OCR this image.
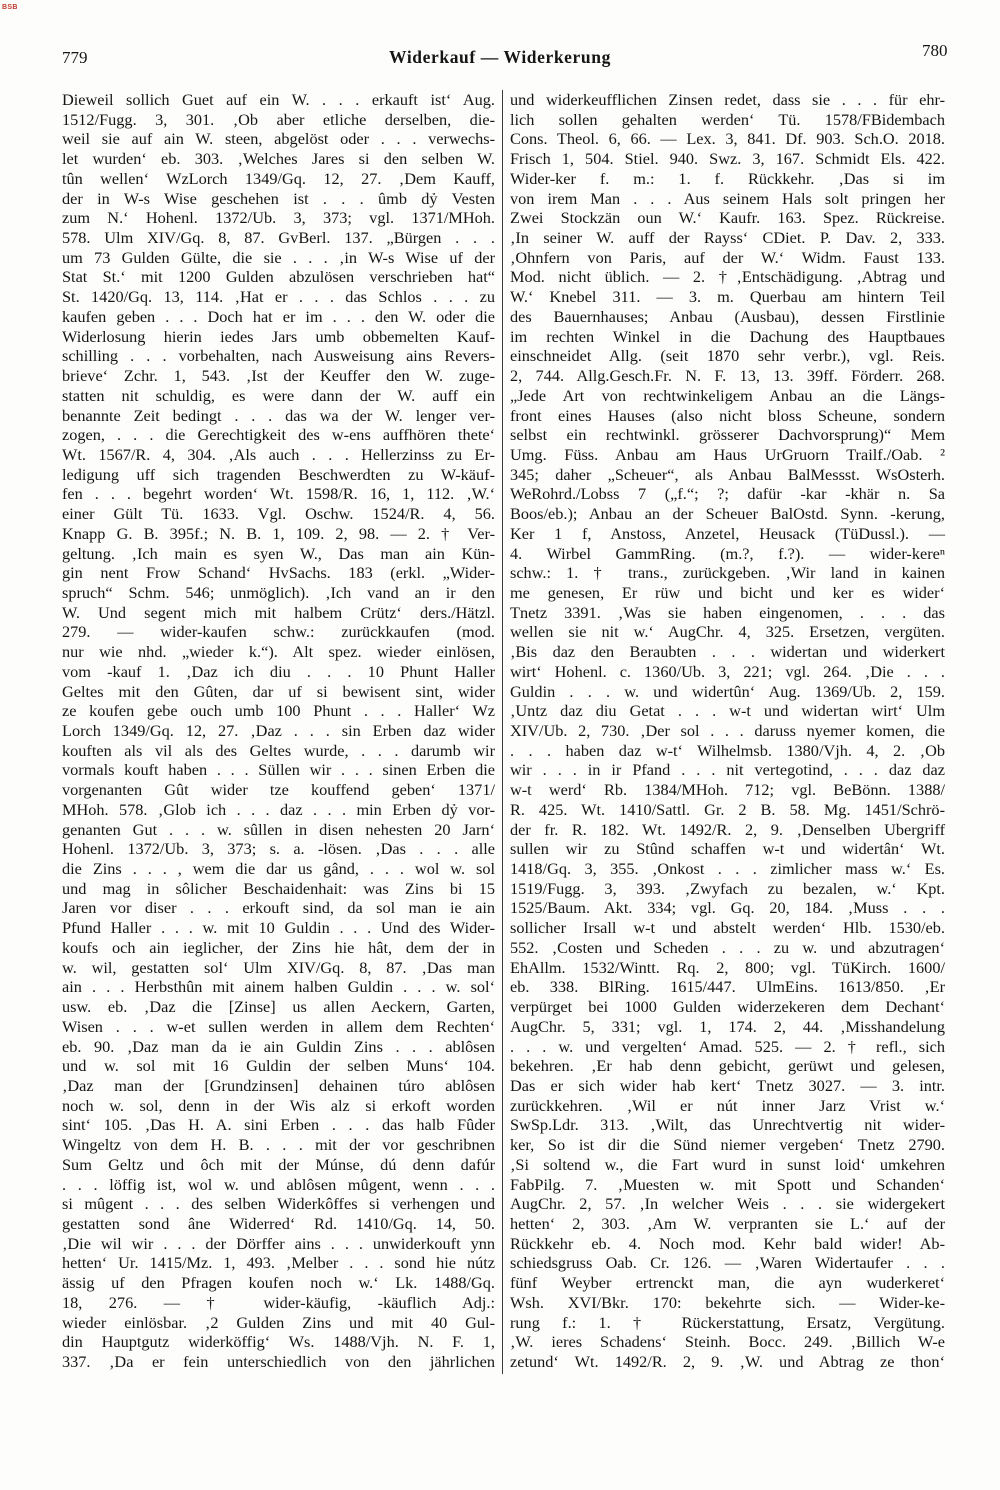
BSB
779	Widerkauf — Widerkerung	780
Dieweil sollich Guet auf ein W. . . . erkauft ist‘ Aug.
1512/Fugg. 3, 301. ‚Ob aber etliche derselben, die-
weil sie auf ain W. steen, abgelöst oder . . . verwechs-
let wurden‘ eb. 303. ‚Welches Jares si den selben W.
tûn wellen‘ WzLorch 1349/Gq. 12, 27. ‚Dem Kauff,
der in W-s Wise geschehen ist . . . ûmb dỷ Vesten
zum N.‘ Hohenl. 1372/Ub. 3, 373; vgl. 1371/MHoh.
578. Ulm XIV/Gq. 8, 87. GvBerl. 137. „Bürgen . . .
um 73 Gulden Gülte, die sie . . . ‚in W-s Wise uf der
Stat St.‘ mit 1200 Gulden abzulösen verschrieben hat“
St. 1420/Gq. 13, 114. ‚Hat er . . . das Schlos . . . zu
kaufen geben . . . Doch hat er im . . . den W. oder die
Widerlosung hierin iedes Jars umb obbemelten Kauf-
schilling . . . vorbehalten, nach Ausweisung ains Revers-
brieve‘ Zchr. 1, 543. ‚Ist der Keuffer den W. zuge-
statten nit schuldig, es were dann der W. auff ein
benannte Zeit bedingt . . . das wa der W. lenger ver-
zogen, . . . die Gerechtigkeit des w-ens auffhören thete‘
Wt. 1567/R. 4, 304. ‚Als auch . . . Hellerzinss zu Er-
ledigung uff sich tragenden Beschwerdten zu W-käuf-
fen . . . begehrt worden‘ Wt. 1598/R. 16, 1, 112. ‚W.‘
einer Gült Tü. 1633. Vgl. Oschw. 1524/R. 4, 56.
Knapp G. B. 395f.; N. B. 1, 109. 2, 98. — 2. † Ver-
geltung. ‚Ich main es syen W., Das man ain Kün-
gin nent Frow Schand‘ HvSachs. 183 (erkl. „Wider-
spruch“ Schm. 546; unmöglich). ‚Ich vand an ir den
W. Und segent mich mit halbem Crütz‘ ders./Hätzl.
279. — wider-kaufen schw.: zurückkaufen (mod.
nur wie nhd. „wieder k.“). Alt spez. wieder einlösen,
vom -kauf 1. ‚Daz ich diu . . . 10 Phunt Haller
Geltes mit den Gûten, dar uf si bewisent sint, wider
ze koufen gebe ouch umb 100 Phunt . . . Haller‘ Wz
Lorch 1349/Gq. 12, 27. ‚Daz . . . sin Erben daz wider
kouften als vil als des Geltes wurde, . . . darumb wir
vormals kouft haben . . . Süllen wir . . . sinen Erben die
vorgenanten Gût wider tze kouffend geben‘ 1371/
MHoh. 578. ‚Glob ich . . . daz . . . min Erben dỷ vor-
genanten Gut . . . w. sûllen in disen nehesten 20 Jarn‘
Hohenl. 1372/Ub. 3, 373; s. a. -lösen. ‚Das . . . alle
die Zins . . . , wem die dar us gând, . . . wol w. sol
und mag in sôlicher Beschaidenhait: was Zins bi 15
Jaren vor diser . . . erkouft sind, da sol man ie ain
Pfund Haller . . . w. mit 10 Guldin . . . Und des Wider-
koufs och ain ieglicher, der Zins hie hât, dem der in
w. wil, gestatten sol‘ Ulm XIV/Gq. 8, 87. ‚Das man
ain . . . Herbsthûn mit ainem halben Guldin . . . w. sol‘
usw. eb. ‚Daz die [Zinse] us allen Aeckern, Garten,
Wisen . . . w-et sullen werden in allem dem Rechten‘
eb. 90. ‚Daz man da ie ain Guldin Zins . . . ablôsen
und w. sol mit 16 Guldin der selben Muns‘ 104.
‚Daz man der [Grundzinsen] dehainen túro ablôsen
noch w. sol, denn in der Wis alz si erkoft worden
sint‘ 105. ‚Das H. A. sini Erben . . . das halb Fûder
Wingeltz von dem H. B. . . . mit der vor geschribnen
Sum Geltz und ôch mit der Múnse, dú denn dafúr
. . . löffig ist, wol w. und ablôsen mûgent, wenn . . .
si mûgent . . . des selben Widerkôffes si verhengen und
gestatten sond âne Widerred‘ Rd. 1410/Gq. 14, 50.
‚Die wil wir . . . der Dörffer ains . . . unwiderkouft ynn
hetten‘ Ur. 1415/Mz. 1, 493. ‚Melber . . . sond hie nútz
ässig uf den Pfragen koufen noch w.‘ Lk. 1488/Gq.
18, 276. — † wider-käufig, -käuflich Adj.:
wieder einlösbar. ‚2 Gulden Zins und mit 40 Gul-
din Hauptgutz widerköffig‘ Ws. 1488/Vjh. N. F. 1,
337. ‚Da er fein unterschiedlich von den jährlichen
und widerkeufflichen Zinsen redet, dass sie . . . für ehr-
lich sollen gehalten werden‘ Tü. 1578/FBidembach
Cons. Theol. 6, 66. — Lex. 3, 841. Df. 903. Sch.O. 2018.
Frisch 1, 504. Stiel. 940. Swz. 3, 167. Schmidt Els. 422.
Wider-ker f. m.: 1. f. Rückkehr. ‚Das si im
von irem Man . . . Aus seinem Hals solt pringen her
Zwei Stockzän oun W.‘ Kaufr. 163. Spez. Rückreise.
‚In seiner W. auff der Rayss‘ CDiet. P. Dav. 2, 333.
‚Ohnfern von Paris, auf der W.‘ Widm. Faust 133.
Mod. nicht üblich. — 2. †‚Entschädigung. ‚Abtrag und
W.‘ Knebel 311. — 3. m. Querbau am hintern Teil
des Bauernhauses; Anbau (Ausbau), dessen Firstlinie
im rechten Winkel in die Dachung des Hauptbaues
einschneidet Allg. (seit 1870 sehr verbr.), vgl. Reis.
2, 744. Allg.Gesch.Fr. N. F. 13, 13. 39ff. Förderr. 268.
„Jede Art von rechtwinkeligem Anbau an die Längs-
front eines Hauses (also nicht bloss Scheune, sondern
selbst ein rechtwinkl. grösserer Dachvorsprung)“ Mem
Umg. Füss. Anbau am Haus UrGruorn Trailf./Oab. ²
345; daher „Scheuer“, als Anbau BalMessst. WsOsterh.
WeRohrd./Lobss 7 („f.“; ?; dafür -kar -khär n. Sa
Boos/eb.); Anbau an der Scheuer BalOstd. Synn. -kerung,
Ker 1 f, Anstoss, Anzetel, Heusack (TüDussl.). —
4. Wirbel GammRing. (m.?, f.?). — wider-kereⁿ
schw.: 1. † trans., zurückgeben. ‚Wir land in kainen
me genesen, Er rüw und bicht und ker es wider‘
Tnetz 3391. ‚Was sie haben eingenomen, . . . das
wellen sie nit w.‘ AugChr. 4, 325. Ersetzen, vergüten.
‚Bis daz den Beraubten . . . widertan und widerkert
wirt‘ Hohenl. c. 1360/Ub. 3, 221; vgl. 264. ‚Die . . .
Guldin . . . w. und widertûn‘ Aug. 1369/Ub. 2, 159.
‚Untz daz diu Getat . . . w-t und widertan wirt‘ Ulm
XIV/Ub. 2, 730. ‚Der sol . . . daruss nyemer komen, die
. . . haben daz w-t‘ Wilhelmsb. 1380/Vjh. 4, 2. ‚Ob
wir . . . in ir Pfand . . . nit vertegotind, . . . daz daz
w-t werd‘ Rb. 1384/MHoh. 712; vgl. BeBönn. 1388/
R. 425. Wt. 1410/Sattl. Gr. 2 B. 58. Mg. 1451/Schrö-
der fr. R. 182. Wt. 1492/R. 2, 9. ‚Denselben Ubergriff
sullen wir zu Stûnd schaffen w-t und widertân‘ Wt.
1418/Gq. 3, 355. ‚Onkost . . . zimlicher mass w.‘ Es.
1519/Fugg. 3, 393. ‚Zwyfach zu bezalen, w.‘ Kpt.
1525/Baum. Akt. 334; vgl. Gq. 20, 184. ‚Muss . . .
sollicher Irsall w-t und abstelt werden‘ Hlb. 1530/eb.
552. ‚Costen und Scheden . . . zu w. und abzutragen‘
EhAllm. 1532/Wintt. Rq. 2, 800; vgl. TüKirch. 1600/
eb. 338. BlRing. 1615/447. UlmEins. 1613/850. ‚Er
verpürget bei 1000 Gulden widerzekeren dem Dechant‘
AugChr. 5, 331; vgl. 1, 174. 2, 44. ‚Misshandelung
. . . w. und vergelten‘ Amad. 525. — 2. † refl., sich
bekehren. ‚Er hab denn gebicht, gerüwt und gelesen,
Das er sich wider hab kert‘ Tnetz 3027. — 3. intr.
zurückkehren. ‚Wil er nút inner Jarz Vrist w.‘
SwSp.Ldr. 313. ‚Wilt, das Unrechtvertig nit wider-
ker, So ist dir die Sünd niemer vergeben‘ Tnetz 2790.
‚Si soltend w., die Fart wurd in sunst loid‘ umkehren
FabPilg. 7. ‚Muesten w. mit Spott und Schanden‘
AugChr. 2, 57. ‚In welcher Weis . . . sie widergekert
hetten‘ 2, 303. ‚Am W. verpranten sie L.‘ auf der
Rückkehr eb. 4. Noch mod. Kehr bald wider! Ab-
schiedsgruss Oab. Cr. 126. — ‚Waren Widertaufer . . .
fünf Weyber ertrenckt man, die ayn wuderkeret‘
Wsh. XVI/Bkr. 170: bekehrte sich. — Wider-ke-
rung f.: 1. † Rückerstattung, Ersatz, Vergütung.
‚W. ieres Schadens‘ Steinh. Bocc. 249. ‚Billich W-e
zetund‘ Wt. 1492/R. 2, 9. ‚W. und Abtrag ze thon‘
